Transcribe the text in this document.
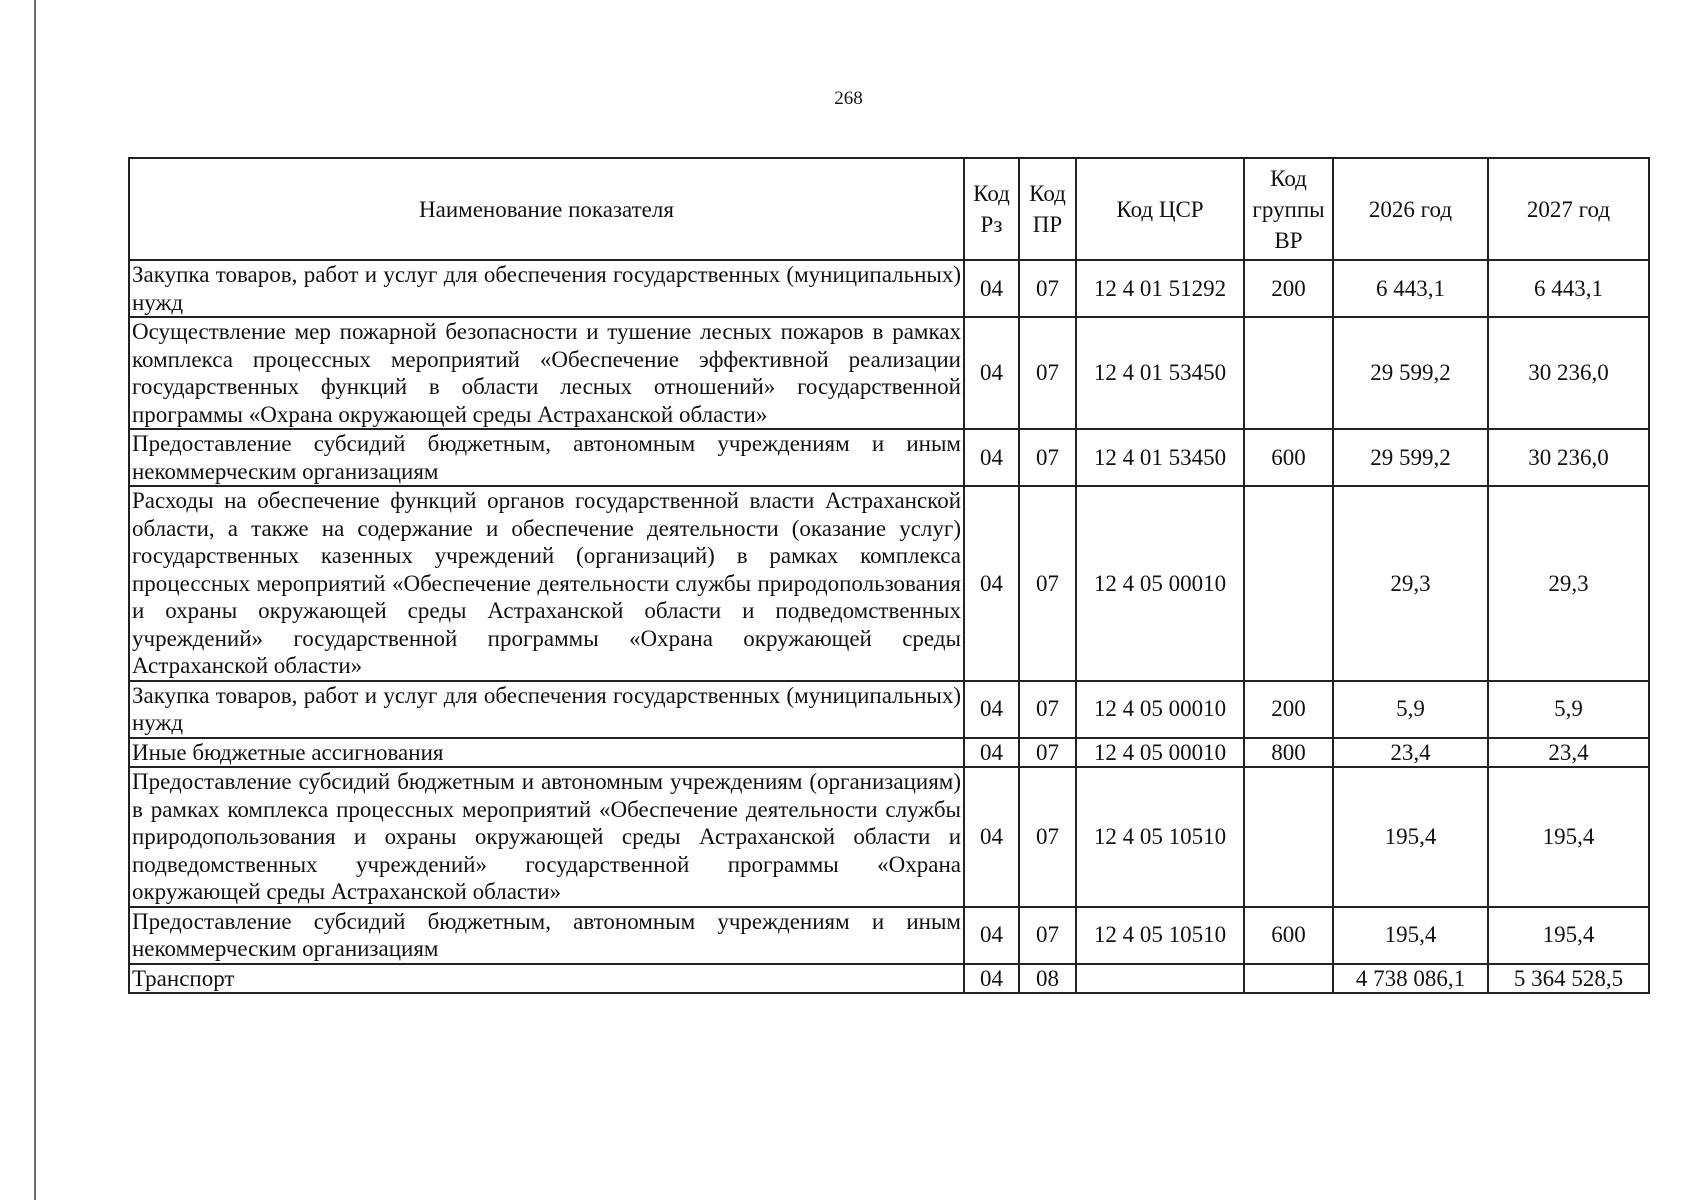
268
Наименование показателя	Код Рз	Код ПР	Код ЦСР	Код группы ВР	2026 год	2027 год
Закупка товаров, работ и услуг для обеспечения государственных (муниципальных) нужд	04	07	12 4 01 51292	200	6 443,1	6 443,1
Осуществление мер пожарной безопасности и тушение лесных пожаров в рамках комплекса процессных мероприятий «Обеспечение эффективной реализации государственных функций в области лесных отношений» государственной программы «Охрана окружающей среды Астраханской области»	04	07	12 4 01 53450		29 599,2	30 236,0
Предоставление субсидий бюджетным, автономным учреждениям и иным некоммерческим организациям	04	07	12 4 01 53450	600	29 599,2	30 236,0
Расходы на обеспечение функций органов государственной власти Астраханской области, а также на содержание и обеспечение деятельности (оказание услуг) государственных казенных учреждений (организаций) в рамках комплекса процессных мероприятий «Обеспечение деятельности службы природопользования и охраны окружающей среды Астраханской области и подведомственных учреждений» государственной программы «Охрана окружающей среды Астраханской области»	04	07	12 4 05 00010		29,3	29,3
Закупка товаров, работ и услуг для обеспечения государственных (муниципальных) нужд	04	07	12 4 05 00010	200	5,9	5,9
Иные бюджетные ассигнования	04	07	12 4 05 00010	800	23,4	23,4
Предоставление субсидий бюджетным и автономным учреждениям (организациям) в рамках комплекса процессных мероприятий «Обеспечение деятельности службы природопользования и охраны окружающей среды Астраханской области и подведомственных учреждений» государственной программы «Охрана окружающей среды Астраханской области»	04	07	12 4 05 10510		195,4	195,4
Предоставление субсидий бюджетным, автономным учреждениям и иным некоммерческим организациям	04	07	12 4 05 10510	600	195,4	195,4
Транспорт	04	08			4 738 086,1	5 364 528,5
